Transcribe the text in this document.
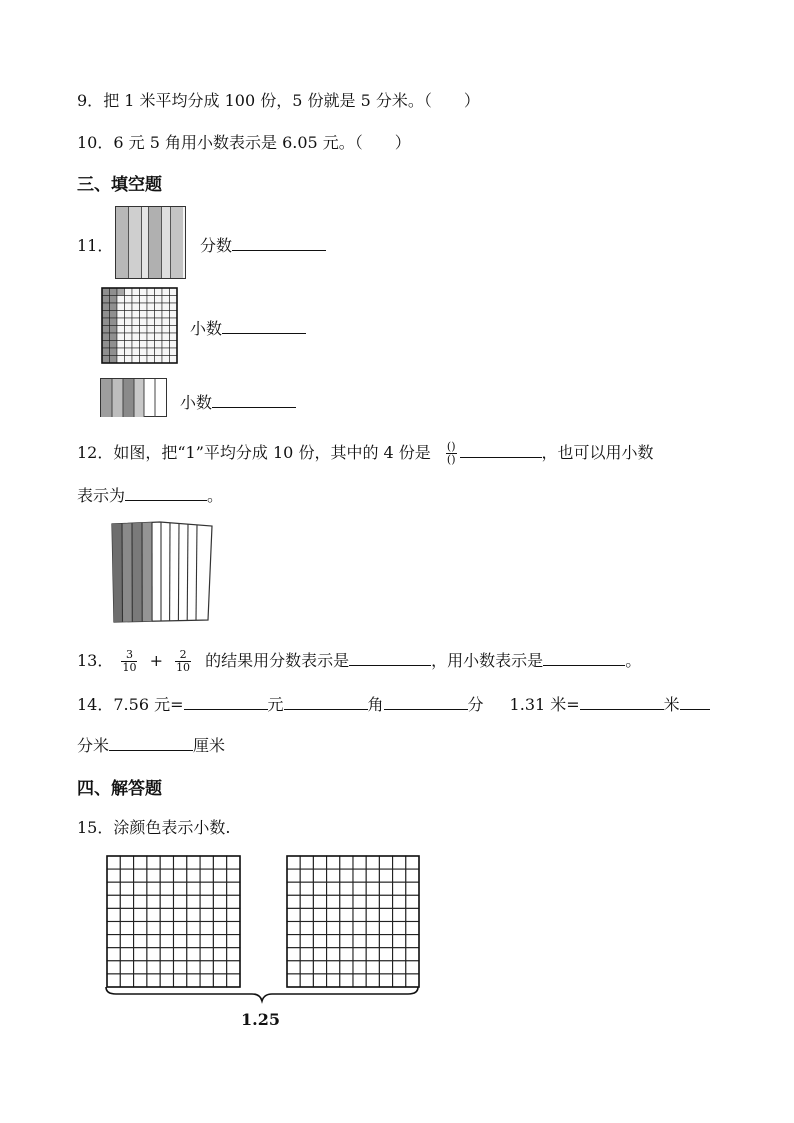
9．把 1 米平均分成 100 份，5 份就是 5 分米。（　　）
10．6 元 5 角用小数表示是 6.05 元。（　　）
三、填空题
11．	分数
小数
小数
12．如图，把“1”平均分成 10 份，其中的 4 份是 $\frac{()}{()}$	，也可以用小数
表示为	。
13． $\frac{3}{10} + \frac{2}{10}$ 的结果用分数表示是	，用小数表示是	。
14．7.56 元=	元	角	分 1.31 米=	米
分米	厘米
四、解答题
15．涂颜色表示小数.
1.25
